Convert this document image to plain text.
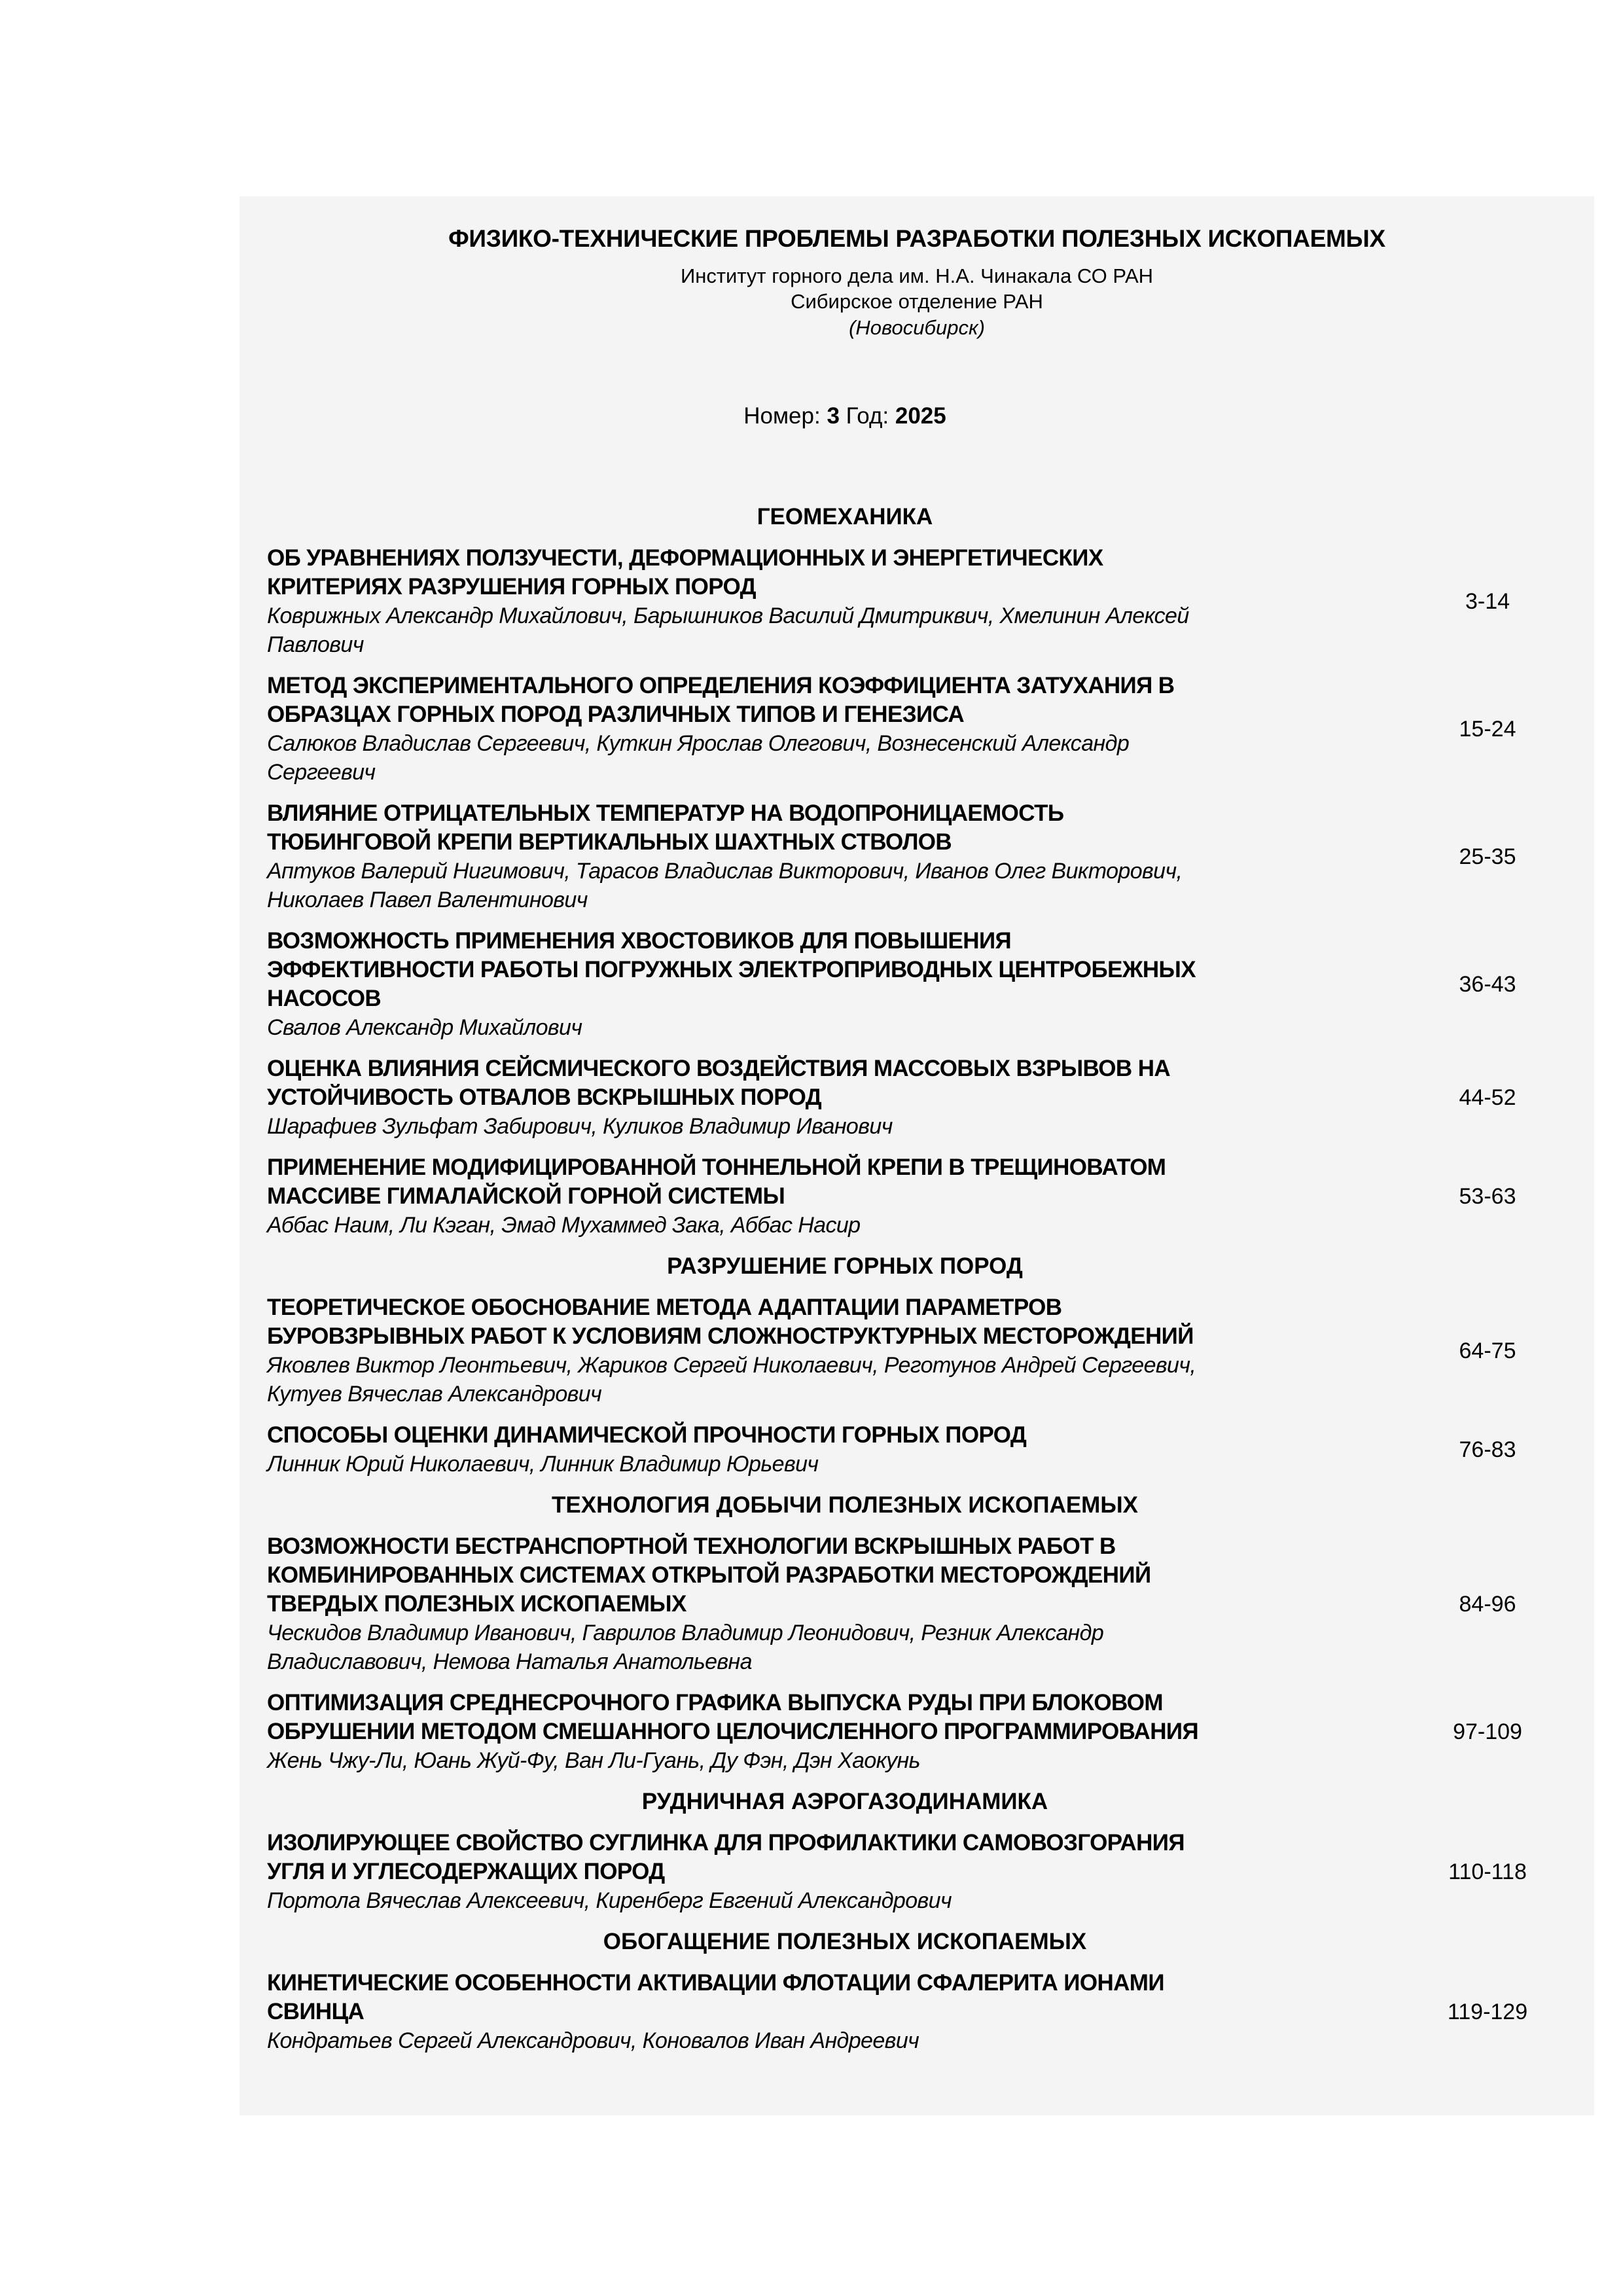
ФИЗИКО-ТЕХНИЧЕСКИЕ ПРОБЛЕМЫ РАЗРАБОТКИ ПОЛЕЗНЫХ ИСКОПАЕМЫХ
Институт горного дела им. Н.А. Чинакала СО РАН
Сибирское отделение РАН
(Новосибирск)
Номер: 3 Год: 2025
ГЕОМЕХАНИКА
ОБ УРАВНЕНИЯХ ПОЛЗУЧЕСТИ, ДЕФОРМАЦИОННЫХ И ЭНЕРГЕТИЧЕСКИХ
КРИТЕРИЯХ РАЗРУШЕНИЯ ГОРНЫХ ПОРОД
Коврижных Александр Михайлович, Барышников Василий Дмитриквич, Хмелинин Алексей
Павлович
3-14
МЕТОД ЭКСПЕРИМЕНТАЛЬНОГО ОПРЕДЕЛЕНИЯ КОЭФФИЦИЕНТА ЗАТУХАНИЯ В
ОБРАЗЦАХ ГОРНЫХ ПОРОД РАЗЛИЧНЫХ ТИПОВ И ГЕНЕЗИСА
Салюков Владислав Сергеевич, Куткин Ярослав Олегович, Вознесенский Александр
Сергеевич
15-24
ВЛИЯНИЕ ОТРИЦАТЕЛЬНЫХ ТЕМПЕРАТУР НА ВОДОПРОНИЦАЕМОСТЬ
ТЮБИНГОВОЙ КРЕПИ ВЕРТИКАЛЬНЫХ ШАХТНЫХ СТВОЛОВ
Аптуков Валерий Нигимович, Тарасов Владислав Викторович, Иванов Олег Викторович,
Николаев Павел Валентинович
25-35
ВОЗМОЖНОСТЬ ПРИМЕНЕНИЯ ХВОСТОВИКОВ ДЛЯ ПОВЫШЕНИЯ
ЭФФЕКТИВНОСТИ РАБОТЫ ПОГРУЖНЫХ ЭЛЕКТРОПРИВОДНЫХ ЦЕНТРОБЕЖНЫХ
НАСОСОВ
Свалов Александр Михайлович
36-43
ОЦЕНКА ВЛИЯНИЯ СЕЙСМИЧЕСКОГО ВОЗДЕЙСТВИЯ МАССОВЫХ ВЗРЫВОВ НА
УСТОЙЧИВОСТЬ ОТВАЛОВ ВСКРЫШНЫХ ПОРОД
Шарафиев Зульфат Забирович, Куликов Владимир Иванович
44-52
ПРИМЕНЕНИЕ МОДИФИЦИРОВАННОЙ ТОННЕЛЬНОЙ КРЕПИ В ТРЕЩИНОВАТОМ
МАССИВЕ ГИМАЛАЙСКОЙ ГОРНОЙ СИСТЕМЫ
Аббас Наим, Ли Кэган, Эмад Мухаммед Зака, Аббас Насир
53-63
РАЗРУШЕНИЕ ГОРНЫХ ПОРОД
ТЕОРЕТИЧЕСКОЕ ОБОСНОВАНИЕ МЕТОДА АДАПТАЦИИ ПАРАМЕТРОВ
БУРОВЗРЫВНЫХ РАБОТ К УСЛОВИЯМ СЛОЖНОСТРУКТУРНЫХ МЕСТОРОЖДЕНИЙ
Яковлев Виктор Леонтьевич, Жариков Сергей Николаевич, Реготунов Андрей Сергеевич,
Кутуев Вячеслав Александрович
64-75
СПОСОБЫ ОЦЕНКИ ДИНАМИЧЕСКОЙ ПРОЧНОСТИ ГОРНЫХ ПОРОД
Линник Юрий Николаевич, Линник Владимир Юрьевич
76-83
ТЕХНОЛОГИЯ ДОБЫЧИ ПОЛЕЗНЫХ ИСКОПАЕМЫХ
ВОЗМОЖНОСТИ БЕСТРАНСПОРТНОЙ ТЕХНОЛОГИИ ВСКРЫШНЫХ РАБОТ В
КОМБИНИРОВАННЫХ СИСТЕМАХ ОТКРЫТОЙ РАЗРАБОТКИ МЕСТОРОЖДЕНИЙ
ТВЕРДЫХ ПОЛЕЗНЫХ ИСКОПАЕМЫХ
Ческидов Владимир Иванович, Гаврилов Владимир Леонидович, Резник Александр
Владиславович, Немова Наталья Анатольевна
84-96
ОПТИМИЗАЦИЯ СРЕДНЕСРОЧНОГО ГРАФИКА ВЫПУСКА РУДЫ ПРИ БЛОКОВОМ
ОБРУШЕНИИ МЕТОДОМ СМЕШАННОГО ЦЕЛОЧИСЛЕННОГО ПРОГРАММИРОВАНИЯ
Жень Чжу-Ли, Юань Жуй-Фу, Ван Ли-Гуань, Ду Фэн, Дэн Хаокунь
97-109
РУДНИЧНАЯ АЭРОГАЗОДИНАМИКА
ИЗОЛИРУЮЩЕЕ СВОЙСТВО СУГЛИНКА ДЛЯ ПРОФИЛАКТИКИ САМОВОЗГОРАНИЯ
УГЛЯ И УГЛЕСОДЕРЖАЩИХ ПОРОД
Портола Вячеслав Алексеевич, Киренберг Евгений Александрович
110-118
ОБОГАЩЕНИЕ ПОЛЕЗНЫХ ИСКОПАЕМЫХ
КИНЕТИЧЕСКИЕ ОСОБЕННОСТИ АКТИВАЦИИ ФЛОТАЦИИ СФАЛЕРИТА ИОНАМИ
СВИНЦА
Кондратьев Сергей Александрович, Коновалов Иван Андреевич
119-129
